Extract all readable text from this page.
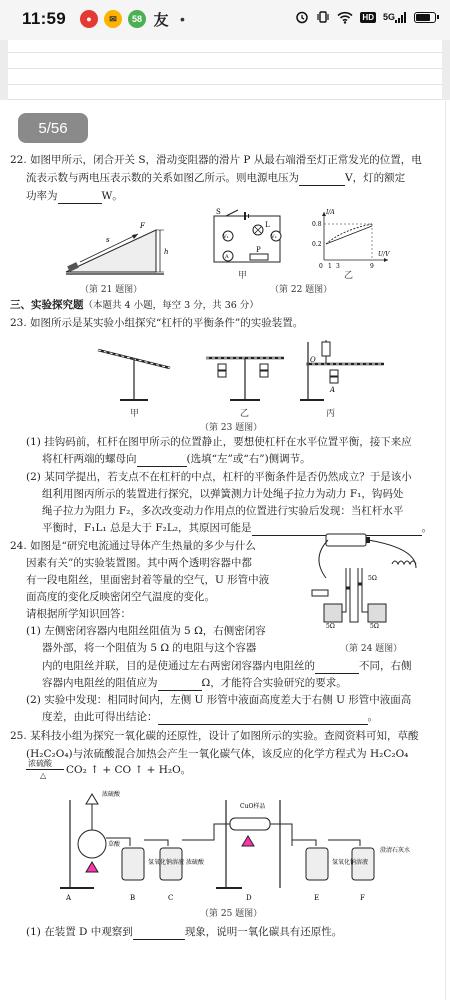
11:59	●	✉	58 友 •	HD 5G
22. 如图甲所示，闭合开关 S，滑动变阻器的滑片 P 从最右端滑至灯正常发光的位置，电
流表示数与两电压表示数的关系如图乙所示。则电源电压为	V，灯的额定
功率为	W。
s
h
F
（第 21 题图）
S
L
P
V₁	V₂
A
甲
I/A
U/V
0.8
0.2
0 1 3	9
乙
（第 22 题图）
三、实验探究题（本题共 4 小题，每空 3 分，共 36 分）
23. 如图所示是某实验小组探究“杠杆的平衡条件”的实验装置。
甲	乙
O
A
丙
（第 23 题图）
(1) 挂钩码前，杠杆在图甲所示的位置静止，要想使杠杆在水平位置平衡，接下来应
将杠杆两端的螺母向	(选填“左”或“右”)侧调节。
(2) 某同学提出，若支点不在杠杆的中点，杠杆的平衡条件是否仍然成立？于是该小
组利用图丙所示的装置进行探究，以弹簧测力计处绳子拉力为动力 F₁，钩码处
绳子拉力为阻力 F₂，多次改变动力作用点的位置进行实验后发现：当杠杆水平
平衡时，F₁L₁ 总是大于 F₂L₂，其原因可能是	。
24. 如图是“研究电流通过导体产生热量的多少与什么
因素有关”的实验装置图。其中两个透明容器中都
有一段电阻丝，里面密封着等量的空气，U 形管中液
面高度的变化反映密闭空气温度的变化。
请根据所学知识回答：
(1) 左侧密闭容器内电阻丝阻值为 5 Ω，右侧密闭容
器外部，将一个阻值为 5 Ω 的电阻与这个容器
5Ω
5Ω	5Ω
（第 24 题图）
内的电阻丝并联，目的是使通过左右两密闭容器内电阻丝的	不同，右侧
容器内电阻丝的阻值应为	Ω，才能符合实验研究的要求。
(2) 实验中发现：相同时间内，左侧 U 形管中液面高度差大于右侧 U 形管中液面高
度差，由此可得出结论：	。
25. 某科技小组为探究一氧化碳的还原性，设计了如图所示的实验。查阅资料可知，草酸
(H₂C₂O₄)与浓硫酸混合加热会产生一氧化碳气体，该反应的化学方程式为 H₂C₂O₄
浓硫酸
△ CO₂ ↑ + CO ↑ + H₂O。
浓硫酸
草酸
氢氧化钠溶液 浓硫酸
CuO样品
氢氧化钠溶液
澄清石灰水
A	B	C	D	E	F
（第 25 题图）
(1) 在装置 D 中观察到	现象，说明一氧化碳具有还原性。
5/56
